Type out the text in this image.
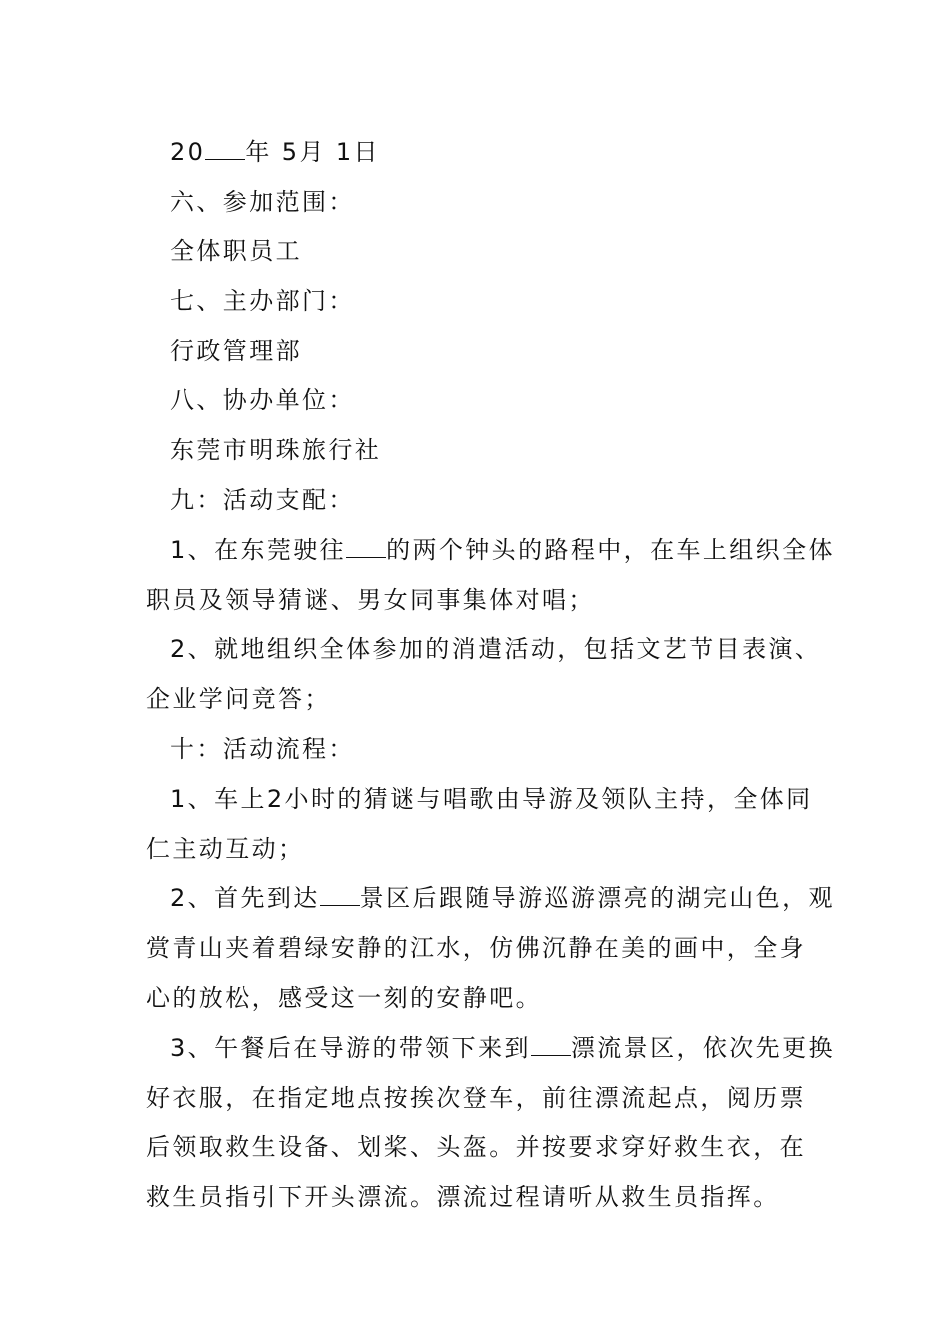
20 年 5月 1日
六、参加范围：
全体职员工
七、主办部门：
行政管理部
八、协办单位：
东莞市明珠旅行社
九：活动支配：
1、在东莞驶往 的两个钟头的路程中，在车上组织全体
职员及领导猜谜、男女同事集体对唱；
2、就地组织全体参加的消遣活动，包括文艺节目表演、
企业学问竞答；
十：活动流程：
1、车上2小时的猜谜与唱歌由导游及领队主持，全体同
仁主动互动；
2、首先到达 景区后跟随导游巡游漂亮的湖完山色，观
赏青山夹着碧绿安静的江水，仿佛沉静在美的画中，全身
心的放松，感受这一刻的安静吧。
3、午餐后在导游的带领下来到 漂流景区，依次先更换
好衣服，在指定地点按挨次登车，前往漂流起点，阅历票
后领取救生设备、划桨、头盔。并按要求穿好救生衣，在
救生员指引下开头漂流。漂流过程请听从救生员指挥。
